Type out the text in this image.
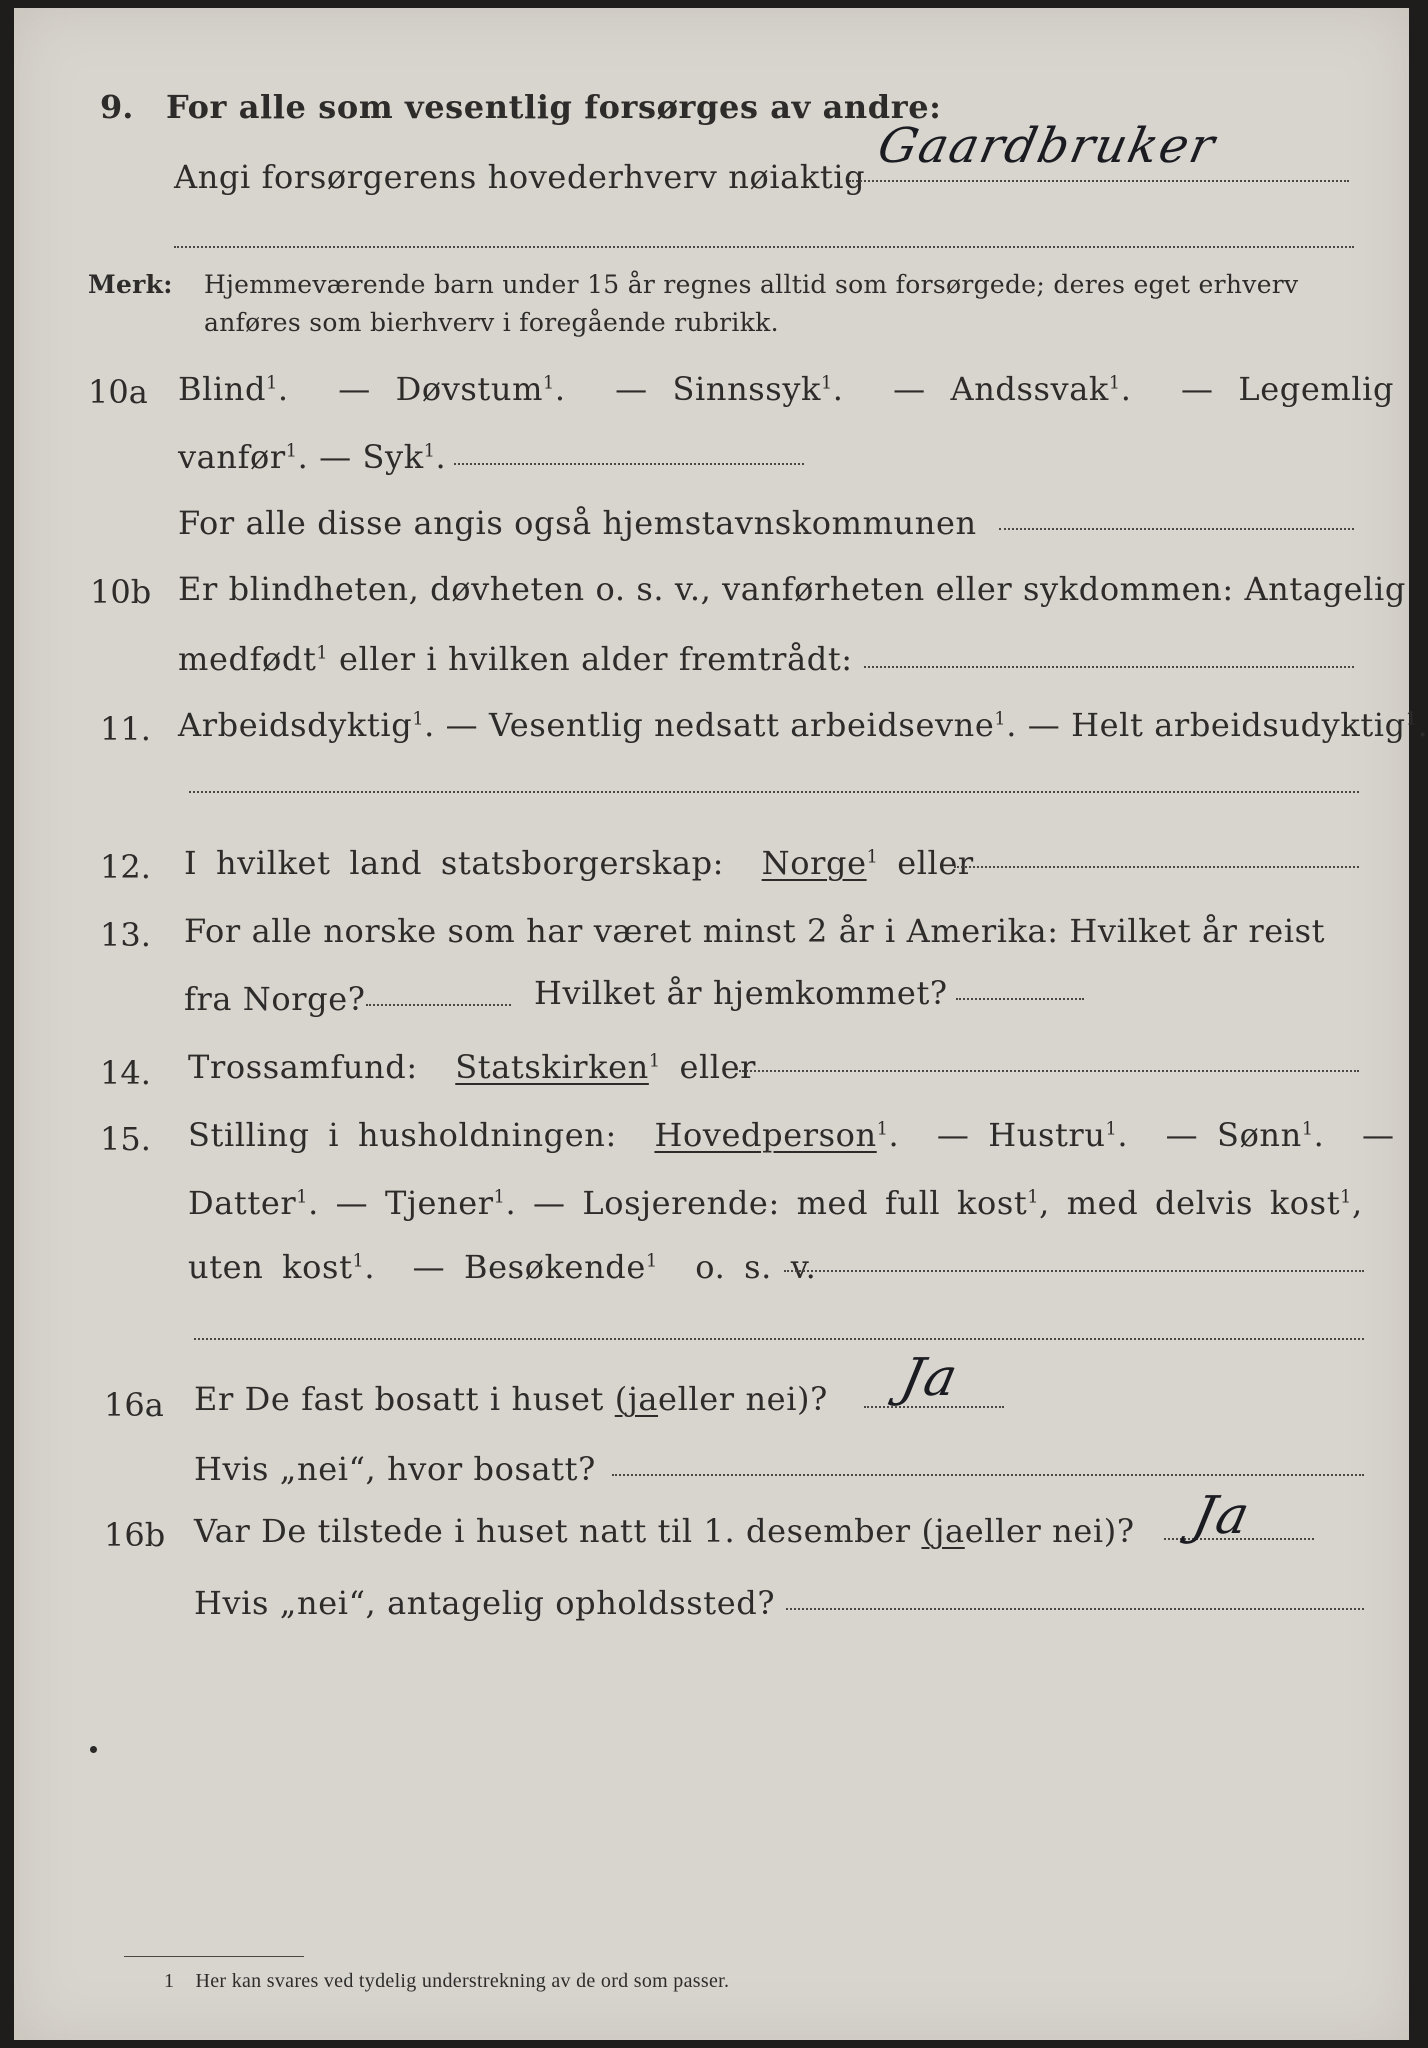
9. For alle som vesentlig forsørges av andre:
Angi forsørgerens hovederhverv nøiaktig
Gaardbruker
Merk: Hjemmeværende barn under 15 år regnes alltid som forsørgede; deres eget erhverv
anføres som bierhverv i foregående rubrikk.
10a Blind$^1$.  — Døvstum$^1$.  — Sinnssyk$^1$.  — Andssvak$^1$.  — Legemlig
vanfør$^1$. — Syk$^1$.
For alle disse angis også hjemstavnskommunen
10b Er blindheten, døvheten o. s. v., vanførheten eller sykdommen: Antagelig
medfødt$^1$ eller i hvilken alder fremtrådt:
11. Arbeidsdyktig$^1$. — Vesentlig nedsatt arbeidsevne$^1$. — Helt arbeidsudyktig$^1$.
12. I hvilket land statsborgerskap: Norge$^1$ eller
13. For alle norske som har været minst 2 år i Amerika: Hvilket år reist
fra Norge?	Hvilket år hjemkommet?
14. Trossamfund: Statskirken$^1$ eller
15. Stilling i husholdningen: Hovedperson$^1$.  — Hustru$^1$.  — Sønn$^1$.  —
Datter$^1$. — Tjener$^1$. — Losjerende: med full kost$^1$, med delvis kost$^1$,
uten kost$^1$.  — Besøkende$^1$ o. s. v.
16a Er De fast bosatt i huset (jaeller nei)? Ja
Hvis „nei“, hvor bosatt?
16b Var De tilstede i huset natt til 1. desember (jaeller nei)? Ja
Hvis „nei“, antagelig opholdssted?
1 Her kan svares ved tydelig understrekning av de ord som passer.
